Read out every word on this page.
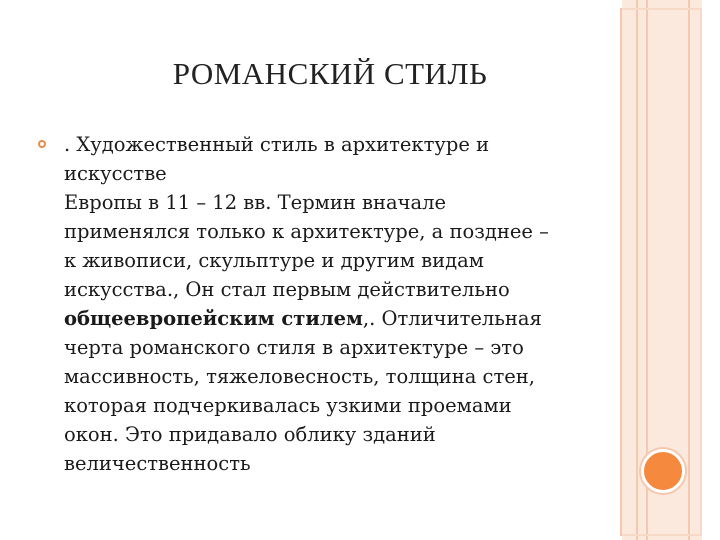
РОМАНСКИЙ СТИЛЬ
. Художественный стиль в архитектуре и
искусстве
Европы в 11 – 12 вв. Термин вначале
применялся только к архитектуре, а позднее –
к живописи, скульптуре и другим видам
искусства., Он стал первым действительно
общеевропейским стилем,. Отличительная
черта романского стиля в архитектуре – это
массивность, тяжеловесность, толщина стен,
которая подчеркивалась узкими проемами
окон. Это придавало облику зданий
величественность
